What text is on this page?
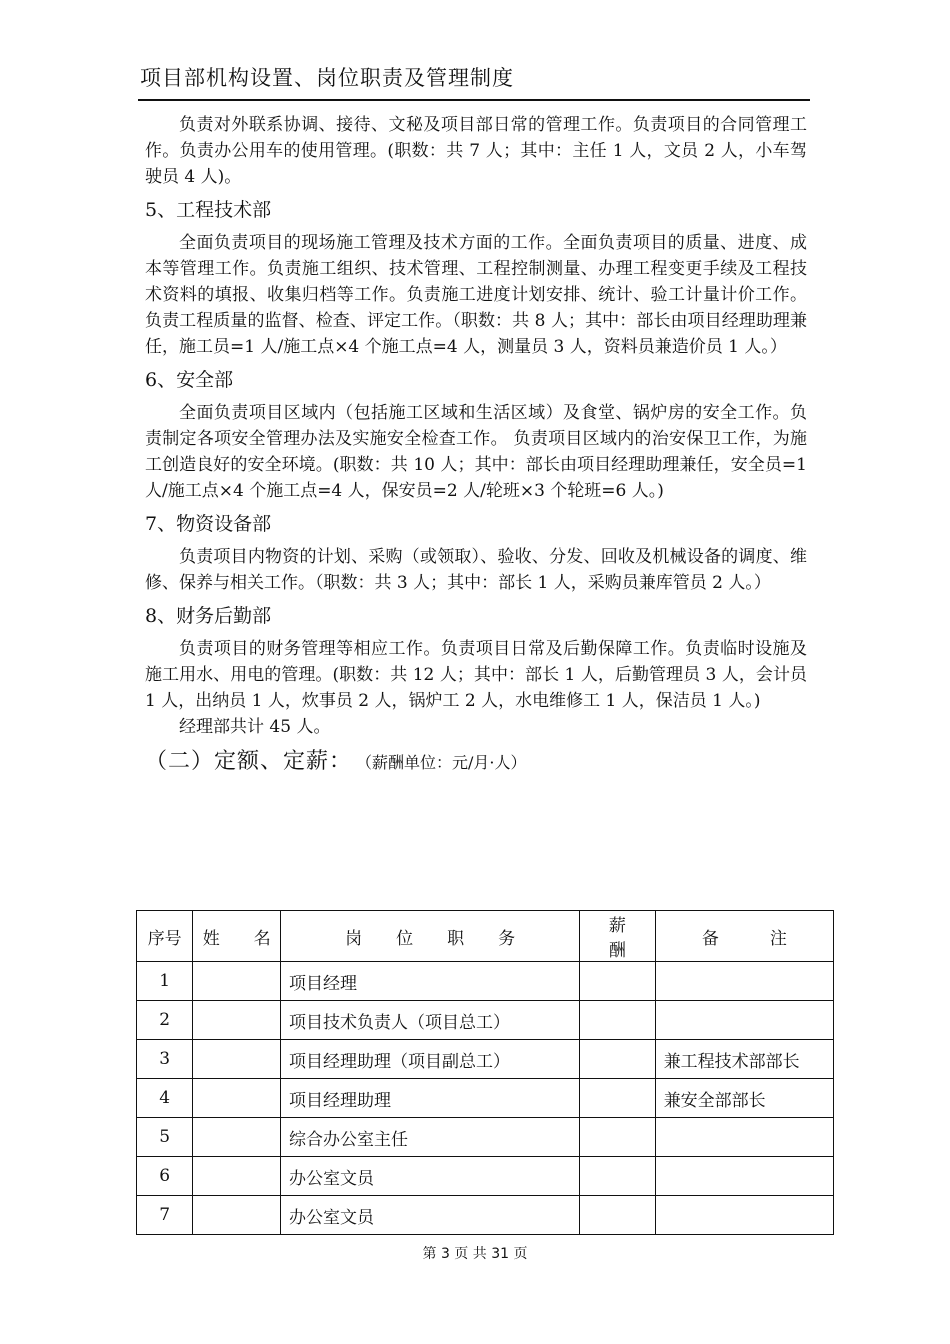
项目部机构设置、岗位职责及管理制度

负责对外联系协调、接待、文秘及项目部日常的管理工作。负责项目的合同管理工作。负责办公用车的使用管理。(职数：共 7 人；其中：主任 1 人，文员 2 人，小车驾驶员 4 人)。

5、工程技术部

全面负责项目的现场施工管理及技术方面的工作。全面负责项目的质量、进度、成本等管理工作。负责施工组织、技术管理、工程控制测量、办理工程变更手续及工程技术资料的填报、收集归档等工作。负责施工进度计划安排、统计、验工计量计价工作。负责工程质量的监督、检查、评定工作。（职数：共 8 人；其中：部长由项目经理助理兼任，施工员=1 人/施工点×4 个施工点=4 人，测量员 3 人，资料员兼造价员 1 人。）

6、安全部

全面负责项目区域内（包括施工区域和生活区域）及食堂、锅炉房的安全工作。负责制定各项安全管理办法及实施安全检查工作。 负责项目区域内的治安保卫工作，为施工创造良好的安全环境。(职数：共 10 人；其中：部长由项目经理助理兼任，安全员=1 人/施工点×4 个施工点=4 人，保安员=2 人/轮班×3 个轮班=6 人。)

7、物资设备部

负责项目内物资的计划、采购（或领取）、验收、分发、回收及机械设备的调度、维修、保养与相关工作。（职数：共 3 人；其中：部长 1 人，采购员兼库管员 2 人。）

8、财务后勤部

负责项目的财务管理等相应工作。负责项目日常及后勤保障工作。负责临时设施及施工用水、用电的管理。(职数：共 12 人；其中：部长 1 人，后勤管理员 3 人，会计员 1 人，出纳员 1 人，炊事员 2 人，锅炉工 2 人，水电维修工 1 人，保洁员 1 人。)

经理部共计 45 人。

（二）定额、定薪： （薪酬单位：元/月·人）
序号	姓　　名	岗　　位　　职　　务	薪　　酬	备　　　注
1		项目经理		
2		项目技术负责人（项目总工）		
3		项目经理助理（项目副总工）		兼工程技术部部长
4		项目经理助理		兼安全部部长
5		综合办公室主任		
6		办公室文员		
7		办公室文员		
第 3 页 共 31 页
